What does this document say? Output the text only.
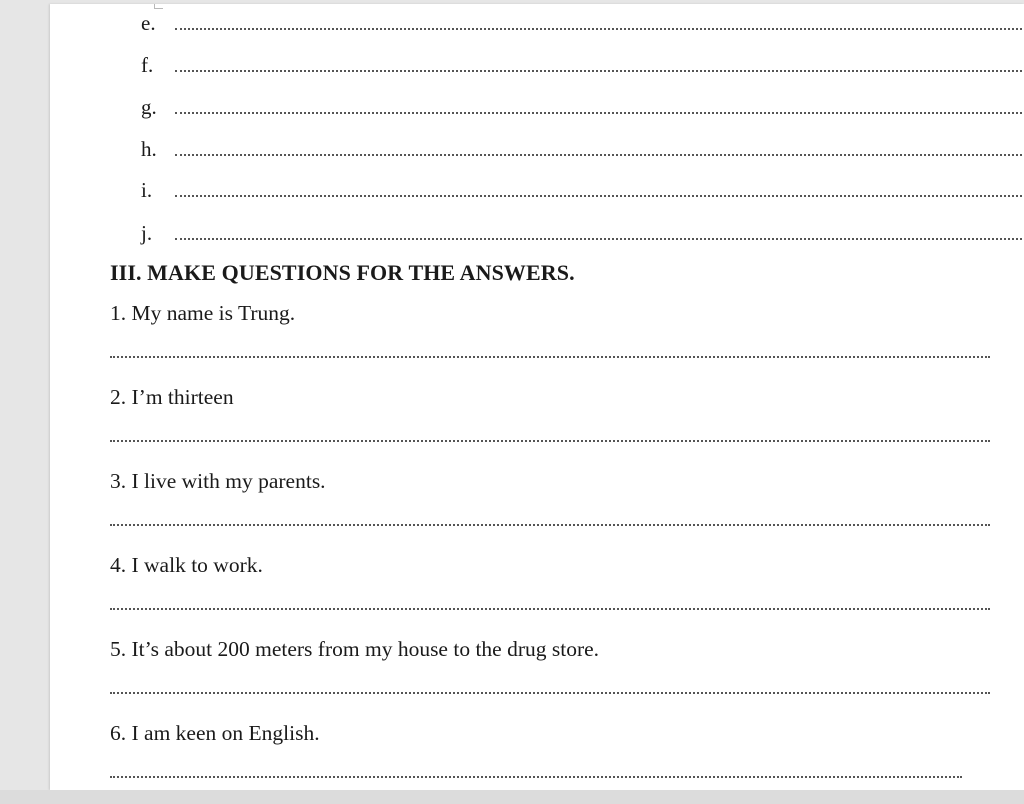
e.
f.
g.
h.
i.
j.
III. MAKE QUESTIONS FOR THE ANSWERS.
1. My name is Trung.
2. I’m thirteen
3. I live with my parents.
4. I walk to work.
5. It’s about 200 meters from my house to the drug store.
6. I am keen on English.
